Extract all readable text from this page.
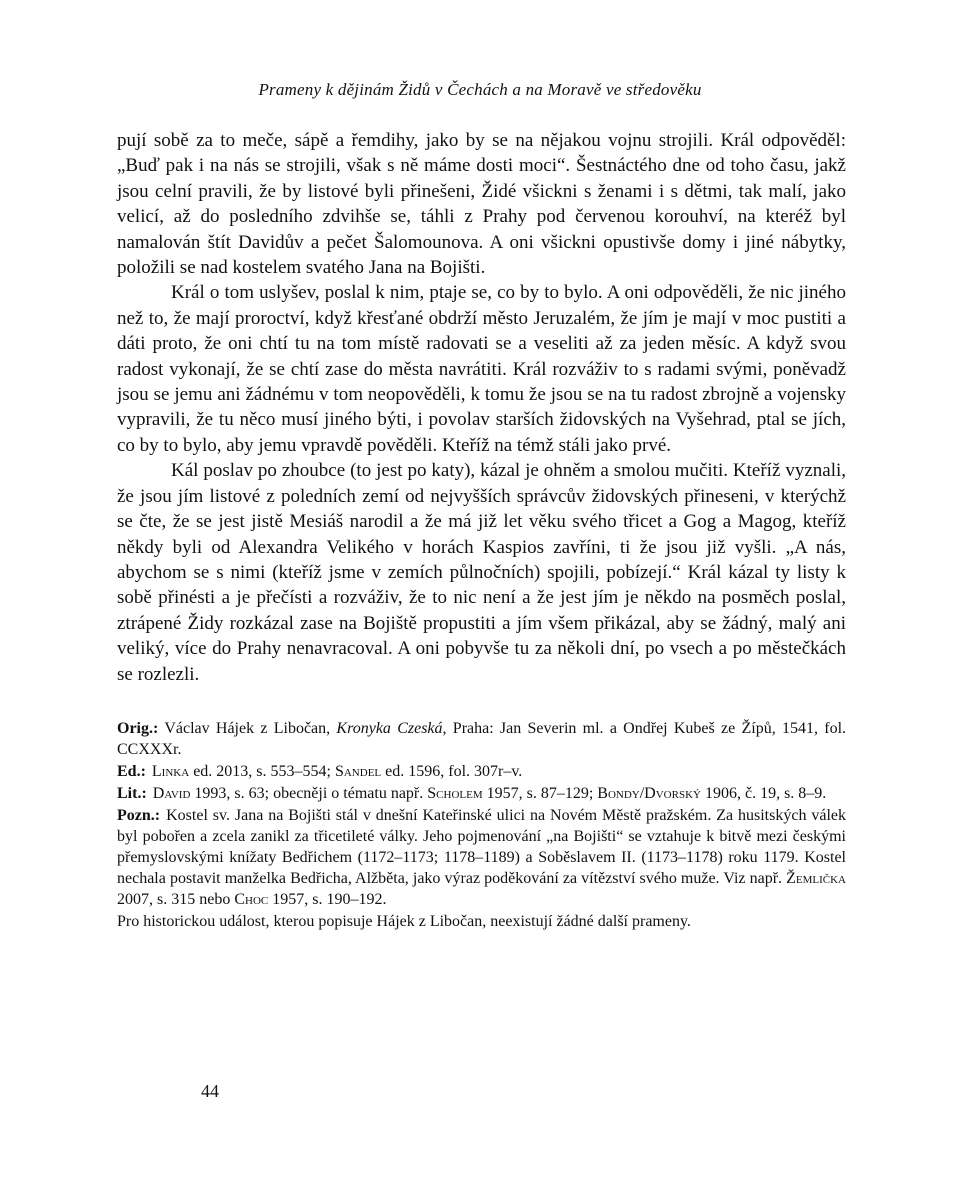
Prameny k dějinám Židů v Čechách a na Moravě ve středověku

pují sobě za to meče, sápě a řemdihy, jako by se na nějakou vojnu strojili. Král odpověděl: „Buď pak i na nás se strojili, však s ně máme dosti moci“. Šestnáctého dne od toho času, jakž jsou celní pravili, že by listové byli přinešeni, Židé všickni s ženami i s dětmi, tak malí, jako velicí, až do posledního zdvihše se, táhli z Prahy pod červenou korouhví, na kteréž byl namalován štít Davidův a pečet Šalomounova. A oni všickni opustivše domy i jiné nábytky, položili se nad kostelem svatého Jana na Bojišti.

Král o tom uslyšev, poslal k nim, ptaje se, co by to bylo. A oni odpověděli, že nic jiného než to, že mají proroctví, když křesťané obdrží město Jeruzalém, že jím je mají v moc pustiti a dáti proto, že oni chtí tu na tom místě radovati se a veseliti až za jeden měsíc. A když svou radost vykonají, že se chtí zase do města navrátiti. Král rozváživ to s radami svými, poněvadž jsou se jemu ani žádnému v tom neopověděli, k tomu že jsou se na tu radost zbrojně a vojensky vypravili, že tu něco musí jiného býti, i povolav starších židovských na Vyšehrad, ptal se jích, co by to bylo, aby jemu vpravdě pověděli. Kteříž na témž stáli jako prvé.

Kál poslav po zhoubce (to jest po katy), kázal je ohněm a smolou mučiti. Kteříž vyznali, že jsou jím listové z poledních zemí od nejvyšších správcův židovských přineseni, v kterýchž se čte, že se jest jistě Mesiáš narodil a že má již let věku svého třicet a Gog a Magog, kteříž někdy byli od Alexandra Velikého v horách Kaspios zavříni, ti že jsou již vyšli. „A nás, abychom se s nimi (kteříž jsme v zemích půlnočních) spojili, pobízejí.“ Král kázal ty listy k sobě přinésti a je přečísti a rozváživ, že to nic není a že jest jím je někdo na posměch poslal, ztrápené Židy rozkázal zase na Bojiště propustiti a jím všem přikázal, aby se žádný, malý ani veliký, více do Prahy nenavracoval. A oni pobyvše tu za několi dní, po vsech a po městečkách se rozlezli.

Orig.: Václav Hájek z Libočan, Kronyka Czeská, Praha: Jan Severin ml. a Ondřej Kubeš ze Žípů, 1541, fol. CCXXXr.

Ed.: Linka ed. 2013, s. 553–554; Sandel ed. 1596, fol. 307r–v.

Lit.: David 1993, s. 63; obecněji o tématu např. Scholem 1957, s. 87–129; Bondy/Dvorský 1906, č. 19, s. 8–9.

Pozn.: Kostel sv. Jana na Bojišti stál v dnešní Kateřinské ulici na Novém Městě pražském. Za husitských válek byl pobořen a zcela zanikl za třicetileté války. Jeho pojmenování „na Bojišti“ se vztahuje k bitvě mezi českými přemyslovskými knížaty Bedřichem (1172–1173; 1178–1189) a Soběslavem II. (1173–1178) roku 1179. Kostel nechala postavit manželka Bedřicha, Alžběta, jako výraz poděkování za vítězství svého muže. Viz např. Žemlička 2007, s. 315 nebo Choc 1957, s. 190–192.

Pro historickou událost, kterou popisuje Hájek z Libočan, neexistují žádné další prameny.

44
